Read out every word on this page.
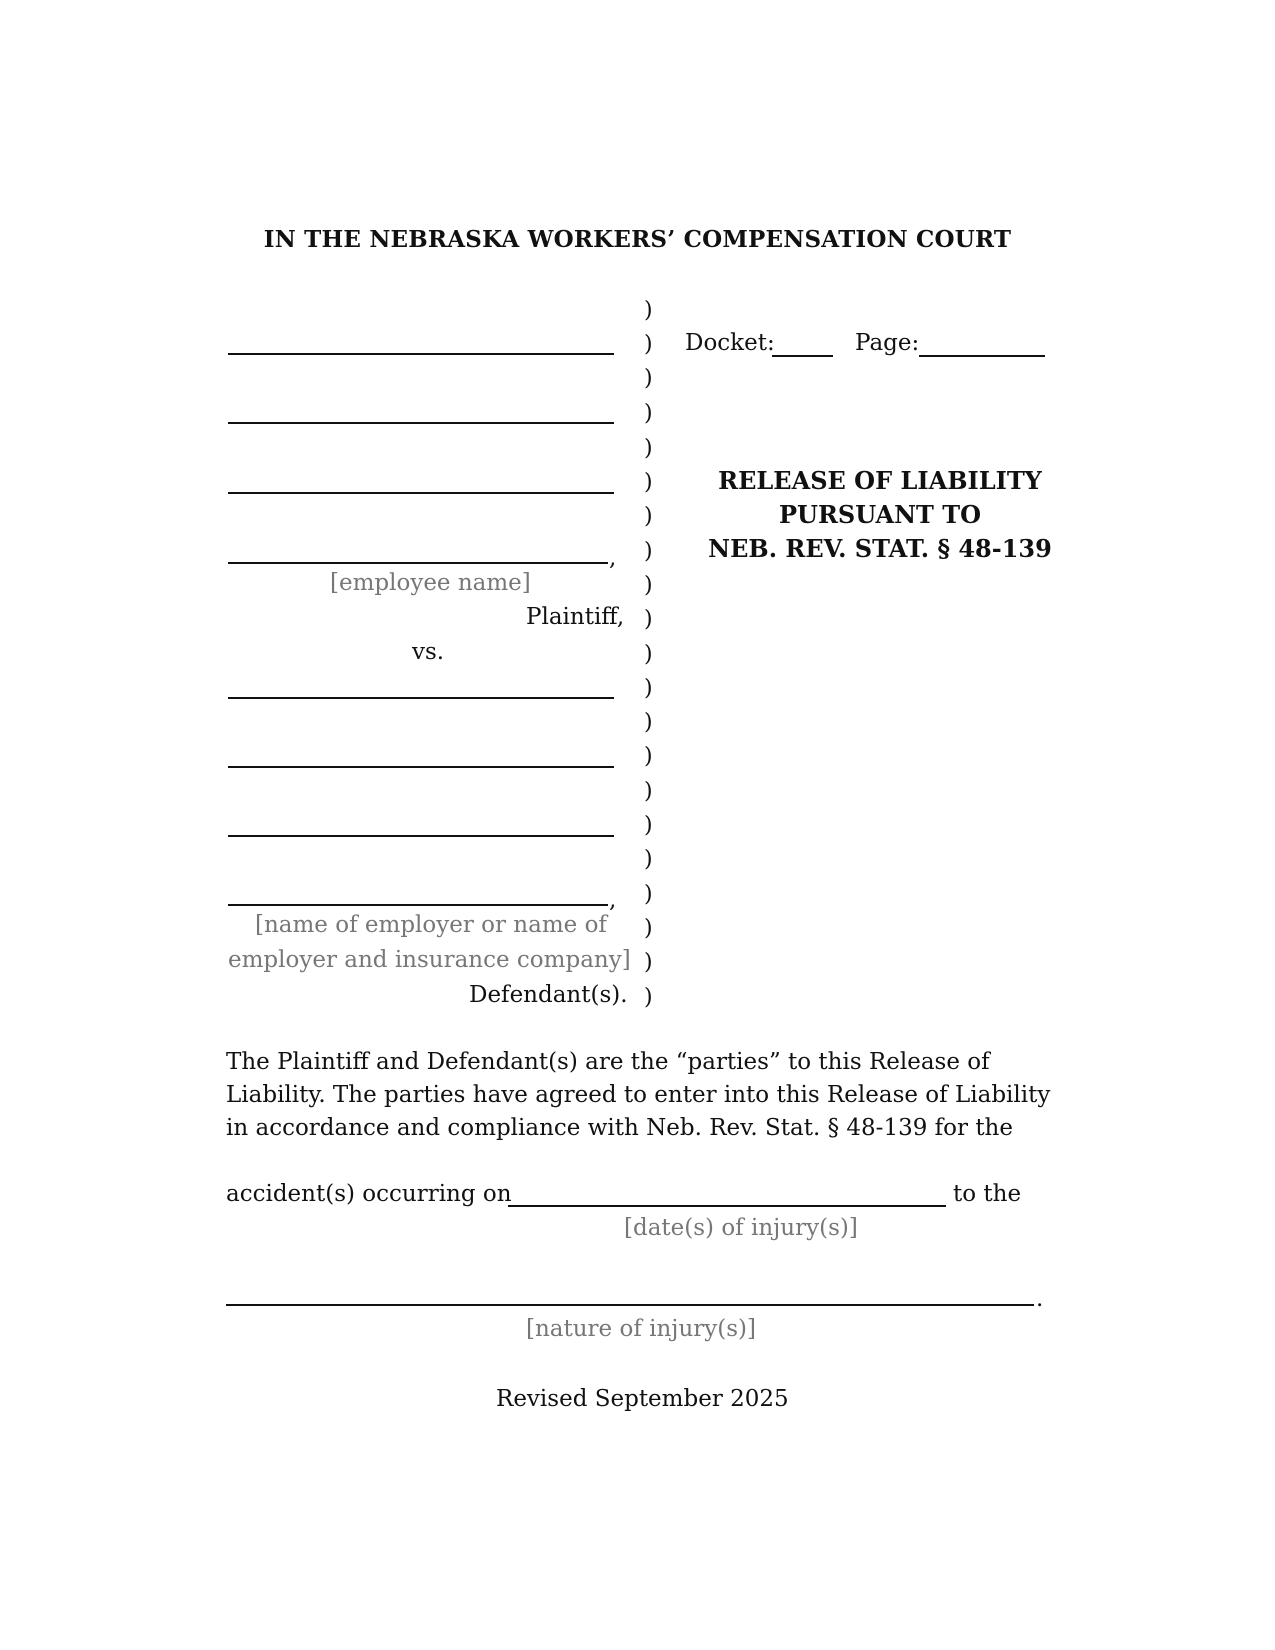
IN THE NEBRASKA WORKERS’ COMPENSATION COURT
,
[employee name]
Plaintiff,
vs.
,
[name of employer or name of
employer and insurance company]
Defendant(s).
)
)
)
)
)
)
)
)
)
)
)
)
)
)
)
)
)
)
)
)
)
Docket:	Page:
RELEASE OF LIABILITY
PURSUANT TO
NEB. REV. STAT. § 48-139
The Plaintiff and Defendant(s) are the “parties” to this Release of
Liability. The parties have agreed to enter into this Release of Liability
in accordance and compliance with Neb. Rev. Stat. § 48-139 for the
accident(s) occurring on	to the
[date(s) of injury(s)]
.
[nature of injury(s)]
Revised September 2025
